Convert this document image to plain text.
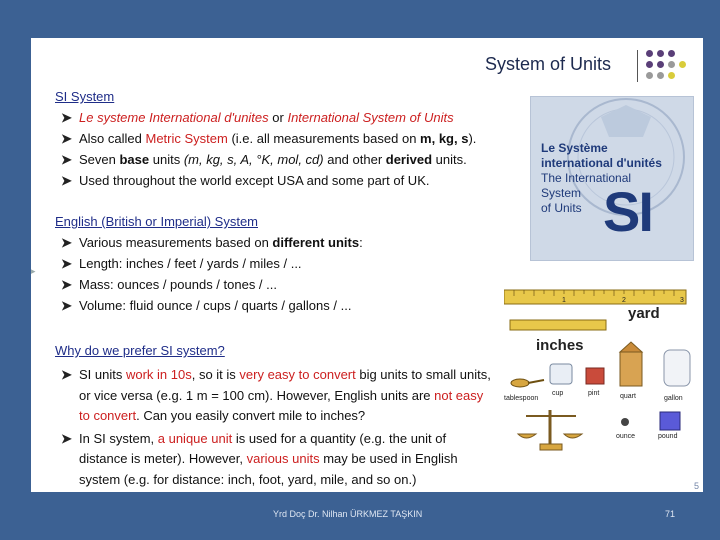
System of Units
SI System
➤ Le systeme International d'unites or International System of Units
➤ Also called Metric System (i.e. all measurements based on m, kg, s).
➤ Seven base units (m, kg, s, A, °K, mol, cd) and other derived units.
➤ Used throughout the world except USA and some part of UK.
English (British or Imperial) System
➤ Various measurements based on different units:
➤ Length: inches / feet / yards / miles / ...
➤ Mass: ounces / pounds / tones / ...
➤ Volume: fluid ounce / cups / quarts / gallons / ...
Why do we prefer SI system?
➤ SI units work in 10s, so it is very easy to convert big units to small units, or vice versa (e.g. 1 m = 100 cm). However, English units are not easy to convert. Can you easily convert mile to inches?
➤ In SI system, a unique unit is used for a quantity (e.g. the unit of distance is meter). However, various units may be used in English system (e.g. for distance: inch, foot, yard, mile, and so on.)
Le Système
international d'unités
The International
System
of Units SI
1	2	3
yard
inches
tablespoon
cup	pint	quart	gallon
ounce	pound
5
▸
Yrd Doç Dr. Nilhan ÜRKMEZ TAŞKIN	71
